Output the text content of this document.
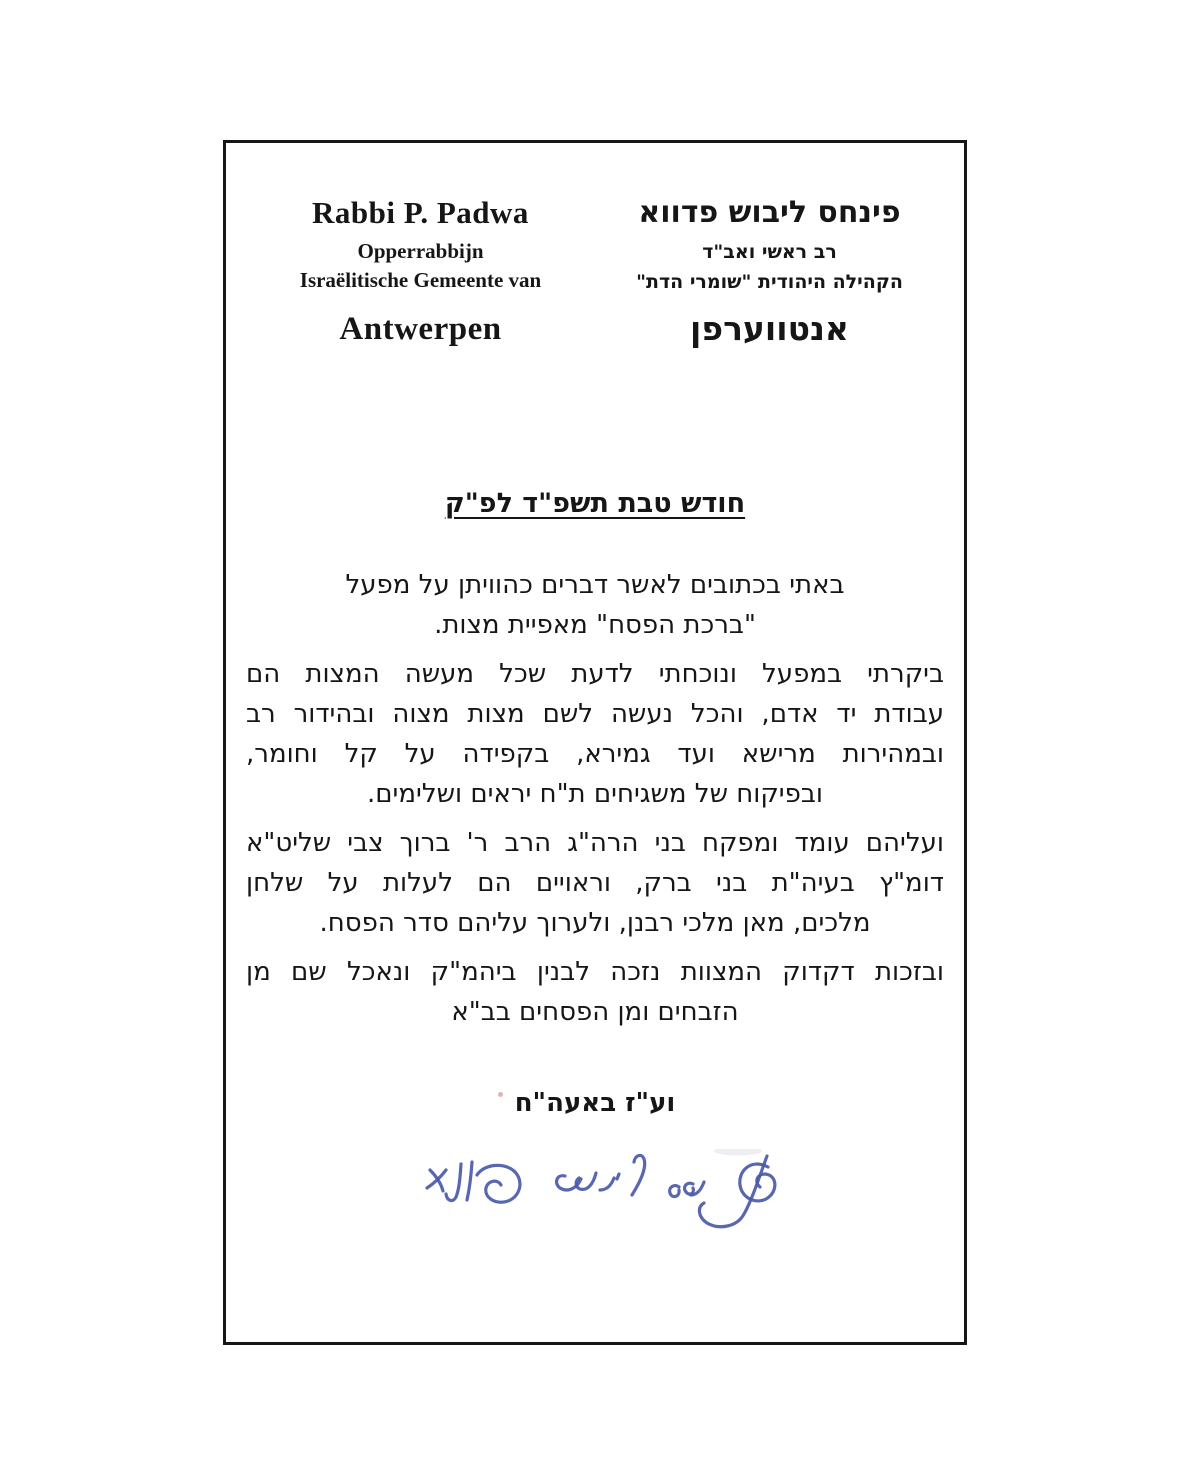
Rabbi P. Padwa
Opperrabbijn
Israëlitische Gemeente van
Antwerpen
פינחס ליבוש פדווא
רב ראשי ואב"ד
הקהילה היהודית "שומרי הדת"
אנטווערפן
חודש טבת תשפ"ד לפ"ק
באתי בכתובים לאשר דברים כהוויתן על מפעל
"ברכת הפסח" מאפיית מצות.
ביקרתי במפעל ונוכחתי לדעת שכל מעשה המצות הם
עבודת יד אדם, והכל נעשה לשם מצות מצוה ובהידור רב
ובמהירות מרישא ועד גמירא, בקפידה על קל וחומר,
ובפיקוח של משגיחים ת"ח יראים ושלימים.
ועליהם עומד ומפקח בני הרה"ג הרב ר' ברוך צבי שליט"א
דומ"ץ בעיה"ת בני ברק, וראויים הם לעלות על שלחן
מלכים, מאן מלכי רבנן, ולערוך עליהם סדר הפסח.
ובזכות דקדוק המצוות נזכה לבנין ביהמ"ק ונאכל שם מן
הזבחים ומן הפסחים בב"א
וע"ז באעה"ח
